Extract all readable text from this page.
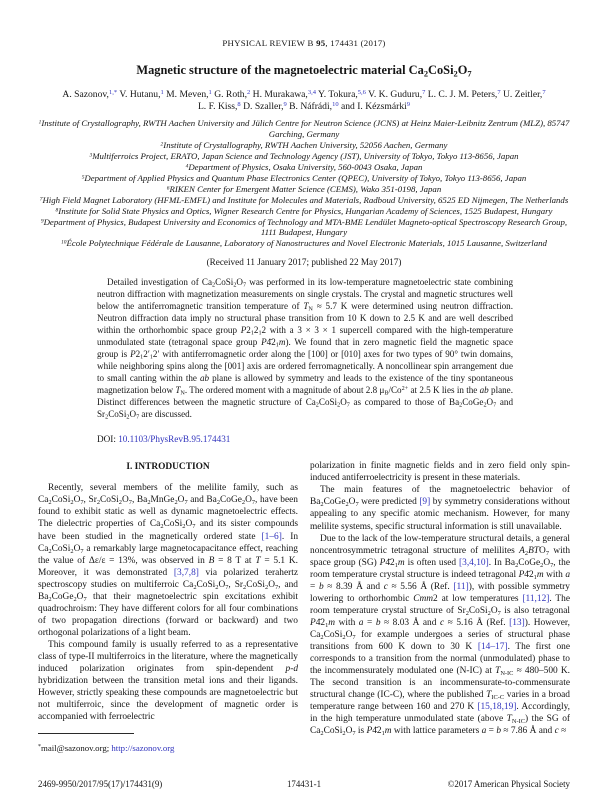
PHYSICAL REVIEW B 95, 174431 (2017)
Magnetic structure of the magnetoelectric material $Ca_2CoSi_2O_7$
A. Sazonov,$^{1,*}$ V. Hutanu,$^1$ M. Meven,$^1$ G. Roth,$^2$ H. Murakawa,$^{3,4}$ Y. Tokura,$^{5,6}$ V. K. Guduru,$^7$ L. C. J. M. Peters,$^7$ U. Zeitler,$^7$
L. F. Kiss,$^8$ D. Szaller,$^9$ B. Náfrádi,$^{10}$ and I. Kézsmárki$^9$
$^1$Institute of Crystallography, RWTH Aachen University and Jülich Centre for Neutron Science (JCNS) at Heinz Maier-Leibnitz Zentrum (MLZ), 85747 Garching, Germany
$^2$Institute of Crystallography, RWTH Aachen University, 52056 Aachen, Germany
$^3$Multiferroics Project, ERATO, Japan Science and Technology Agency (JST), University of Tokyo, Tokyo 113-8656, Japan
$^4$Department of Physics, Osaka University, 560-0043 Osaka, Japan
$^5$Department of Applied Physics and Quantum Phase Electronics Center (QPEC), University of Tokyo, Tokyo 113-8656, Japan
$^6$RIKEN Center for Emergent Matter Science (CEMS), Wako 351-0198, Japan
$^7$High Field Magnet Laboratory (HFML-EMFL) and Institute for Molecules and Materials, Radboud University, 6525 ED Nijmegen, The Netherlands
$^8$Institute for Solid State Physics and Optics, Wigner Research Centre for Physics, Hungarian Academy of Sciences, 1525 Budapest, Hungary
$^9$Department of Physics, Budapest University and Economics of Technology and MTA-BME Lendület Magneto-optical Spectroscopy Research Group, 1111 Budapest, Hungary
$^{10}$École Polytechnique Fédérale de Lausanne, Laboratory of Nanostructures and Novel Electronic Materials, 1015 Lausanne, Switzerland
(Received 11 January 2017; published 22 May 2017)
Detailed investigation of $Ca_2CoSi_2O_7$ was performed in its low-temperature magnetoelectric state combining neutron diffraction with magnetization measurements on single crystals. The crystal and magnetic structures well below the antiferromagnetic transition temperature of $T_N \approx 5.7$ K were determined using neutron diffraction. Neutron diffraction data imply no structural phase transition from 10 K down to 2.5 K and are well described within the orthorhombic space group $P2_12_12$ with a 3 × 3 × 1 supercell compared with the high-temperature unmodulated state (tetragonal space group $P4̄2_1m$). We found that in zero magnetic field the magnetic space group is $P2_12'_12'$ with antiferromagnetic order along the [100] or [010] axes for two types of 90° twin domains, while neighboring spins along the [001] axis are ordered ferromagnetically. A noncollinear spin arrangement due to small canting within the ab plane is allowed by symmetry and leads to the existence of the tiny spontaneous magnetization below $T_N$. The ordered moment with a magnitude of about 2.8 $\mu_B/Co^{2+}$ at 2.5 K lies in the ab plane. Distinct differences between the magnetic structure of $Ca_2CoSi_2O_7$ as compared to those of $Ba_2CoGe_2O_7$ and $Sr_2CoSi_2O_7$ are discussed.
DOI: 10.1103/PhysRevB.95.174431
I. INTRODUCTION

Recently, several members of the melilite family, such as $Ca_2CoSi_2O_7$, $Sr_2CoSi_2O_7$, $Ba_2MnGe_2O_7$ and $Ba_2CoGe_2O_7$, have been found to exhibit static as well as dynamic magnetoelectric effects. The dielectric properties of $Ca_2CoSi_2O_7$ and its sister compounds have been studied in the magnetically ordered state [1–6]. In $Ca_2CoSi_2O_7$ a remarkably large magnetocapacitance effect, reaching the value of Δε/ε = 13%, was observed in B = 8 T at T = 5.1 K. Moreover, it was demonstrated [3,7,8] via polarized terahertz spectroscopy studies on multiferroic $Ca_2CoSi_2O_7$, $Sr_2CoSi_2O_7$, and $Ba_2CoGe_2O_7$ that their magnetoelectric spin excitations exhibit quadrochroism: They have different colors for all four combinations of two propagation directions (forward or backward) and two orthogonal polarizations of a light beam.

This compound family is usually referred to as a representative class of type-II multiferroics in the literature, where the magnetically induced polarization originates from spin-dependent p-d hybridization between the transition metal ions and their ligands. However, strictly speaking these compounds are magnetoelectric but not multiferroic, since the development of magnetic order is accompanied with ferroelectric

*mail@sazonov.org; http://sazonov.org

polarization in finite magnetic fields and in zero field only spin-induced antiferroelectricity is present in these materials.

The main features of the magnetoelectric behavior of $Ba_2CoGe_2O_7$ were predicted [9] by symmetry considerations without appealing to any specific atomic mechanism. However, for many melilite systems, specific structural information is still unavailable.

Due to the lack of the low-temperature structural details, a general noncentrosymmetric tetragonal structure of melilites $A_2BTO_7$ with space group (SG) $P4̄2_1m$ is often used [3,4,10]. In $Ba_2CoGe_2O_7$, the room temperature crystal structure is indeed tetragonal $P4̄2_1m$ with a = b ≈ 8.39 Å and c ≈ 5.56 Å (Ref. [11]), with possible symmetry lowering to orthorhombic Cmm2 at low temperatures [11,12]. The room temperature crystal structure of $Sr_2CoSi_2O_7$ is also tetragonal $P4̄2_1m$ with a = b ≈ 8.03 Å and c ≈ 5.16 Å (Ref. [13]). However, $Ca_2CoSi_2O_7$ for example undergoes a series of structural phase transitions from 600 K down to 30 K [14–17]. The first one corresponds to a transition from the normal (unmodulated) phase to the incommensurately modulated one (N-IC) at $T_{N-IC} \approx 480-500$ K. The second transition is an incommensurate-to-commensurate structural change (IC-C), where the published $T_{IC-C}$ varies in a broad temperature range between 160 and 270 K [15,18,19]. Accordingly, in the high temperature unmodulated state (above $T_{N-IC}$) the SG of $Ca_2CoSi_2O_7$ is $P4̄2_1m$ with lattice parameters a = b ≈ 7.86 Å and c ≈

2469-9950/2017/95(17)/174431(9)	174431-1	©2017 American Physical Society
